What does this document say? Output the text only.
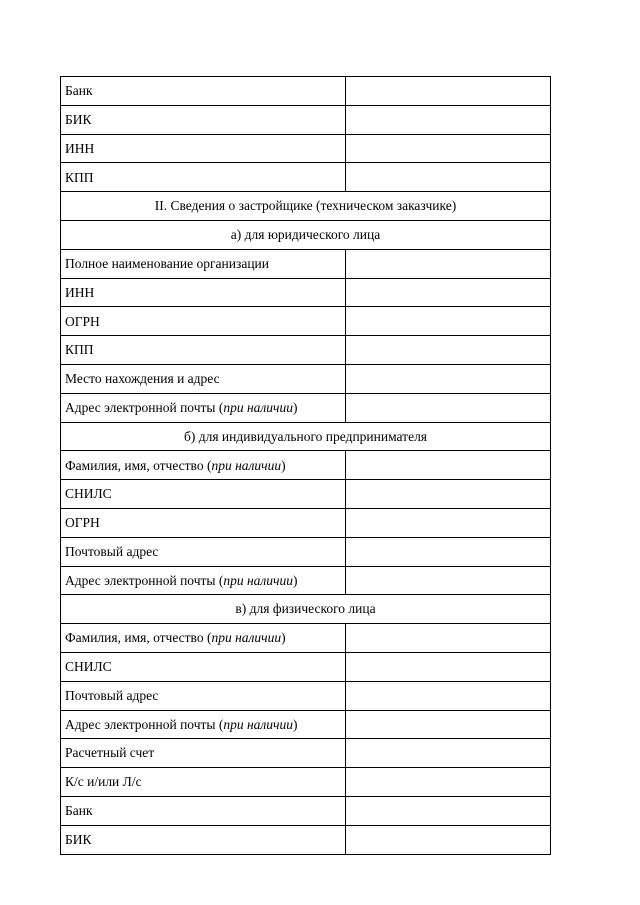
Банк	
БИК	
ИНН	
КПП	
II. Сведения о застройщике (техническом заказчике)	
а) для юридического лица	
Полное наименование организации	
ИНН	
ОГРН	
КПП	
Место нахождения и адрес	
Адрес электронной почты (при наличии)	
б) для индивидуального предпринимателя	
Фамилия, имя, отчество (при наличии)	
СНИЛС	
ОГРН	
Почтовый адрес	
Адрес электронной почты (при наличии)	
в) для физического лица	
Фамилия, имя, отчество (при наличии)	
СНИЛС	
Почтовый адрес	
Адрес электронной почты (при наличии)	
Расчетный счет	
К/с и/или Л/с	
Банк	
БИК	
